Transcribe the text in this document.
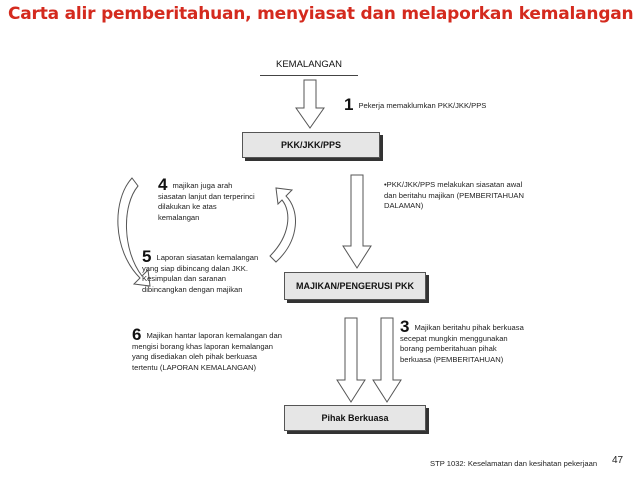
Carta alir pemberitahuan, menyiasat dan melaporkan kemalangan
KEMALANGAN
PKK/JKK/PPS
MAJIKAN/PENGERUSI PKK
Pihak Berkuasa
1 Pekerja memaklumkan PKK/JKK/PPS
•PKK/JKK/PPS melakukan siasatan awal dan beritahu majikan (PEMBERITAHUAN DALAMAN)
4 majikan juga arah siasatan lanjut dan terperinci dilakukan ke atas kemalangan
5 Laporan siasatan kemalangan yang siap dibincang dalan JKK. Kesimpulan dan saranan dibincangkan dengan majikan
3 Majikan beritahu pihak berkuasa secepat mungkin menggunakan borang pemberitahuan pihak berkuasa (PEMBERITAHUAN)
6 Majikan hantar laporan kemalangan dan mengisi borang khas laporan kemalangan yang disediakan oleh pihak berkuasa tertentu (LAPORAN KEMALANGAN)
STP 1032: Keselamatan dan kesihatan pekerjaan 47
